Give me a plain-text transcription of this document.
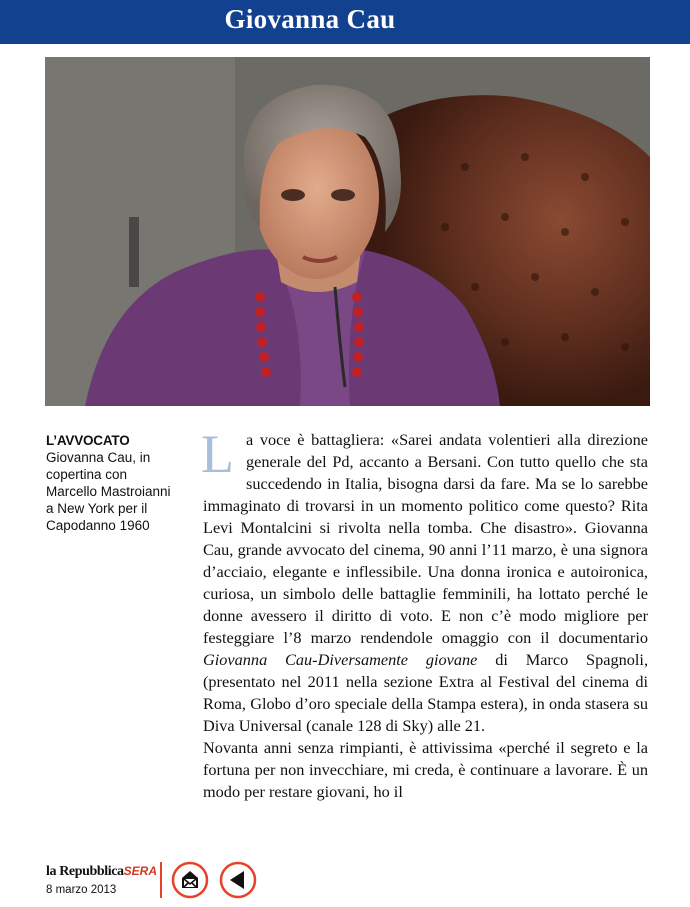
Giovanna Cau
L’AVVOCATO
Giovanna Cau, in copertina con Marcello Mastroianni a New York per il Capodanno 1960

La voce è battagliera: «Sarei andata volentieri alla direzione generale del Pd, accanto a Bersani. Con tutto quello che sta succedendo in Italia, bisogna darsi da fare. Ma se lo sarebbe immaginato di trovarsi in un momento politico come questo? Rita Levi Montalcini si rivolta nella tomba. Che disastro». Giovanna Cau, grande avvocato del cinema, 90 anni l’11 marzo, è una signora d’acciaio, elegante e inflessibile. Una donna ironica e autoironica, curiosa, un simbolo delle battaglie femminili, ha lottato perché le donne avessero il diritto di voto. E non c’è modo migliore per festeggiare l’8 marzo rendendole omaggio con il documentario Giovanna Cau-Diversamente giovane di Marco Spagnoli, (presentato nel 2011 nella sezione Extra al Festival del cinema di Roma, Globo d’oro speciale della Stampa estera), in onda stasera su Diva Universal (canale 128 di Sky) alle 21.

Novanta anni senza rimpianti, è attivissima «perché il segreto e la fortuna per non invecchiare, mi creda, è continuare a lavorare. È un modo per restare giovani, ho il

la RepubblicaSERA
8 marzo 2013
